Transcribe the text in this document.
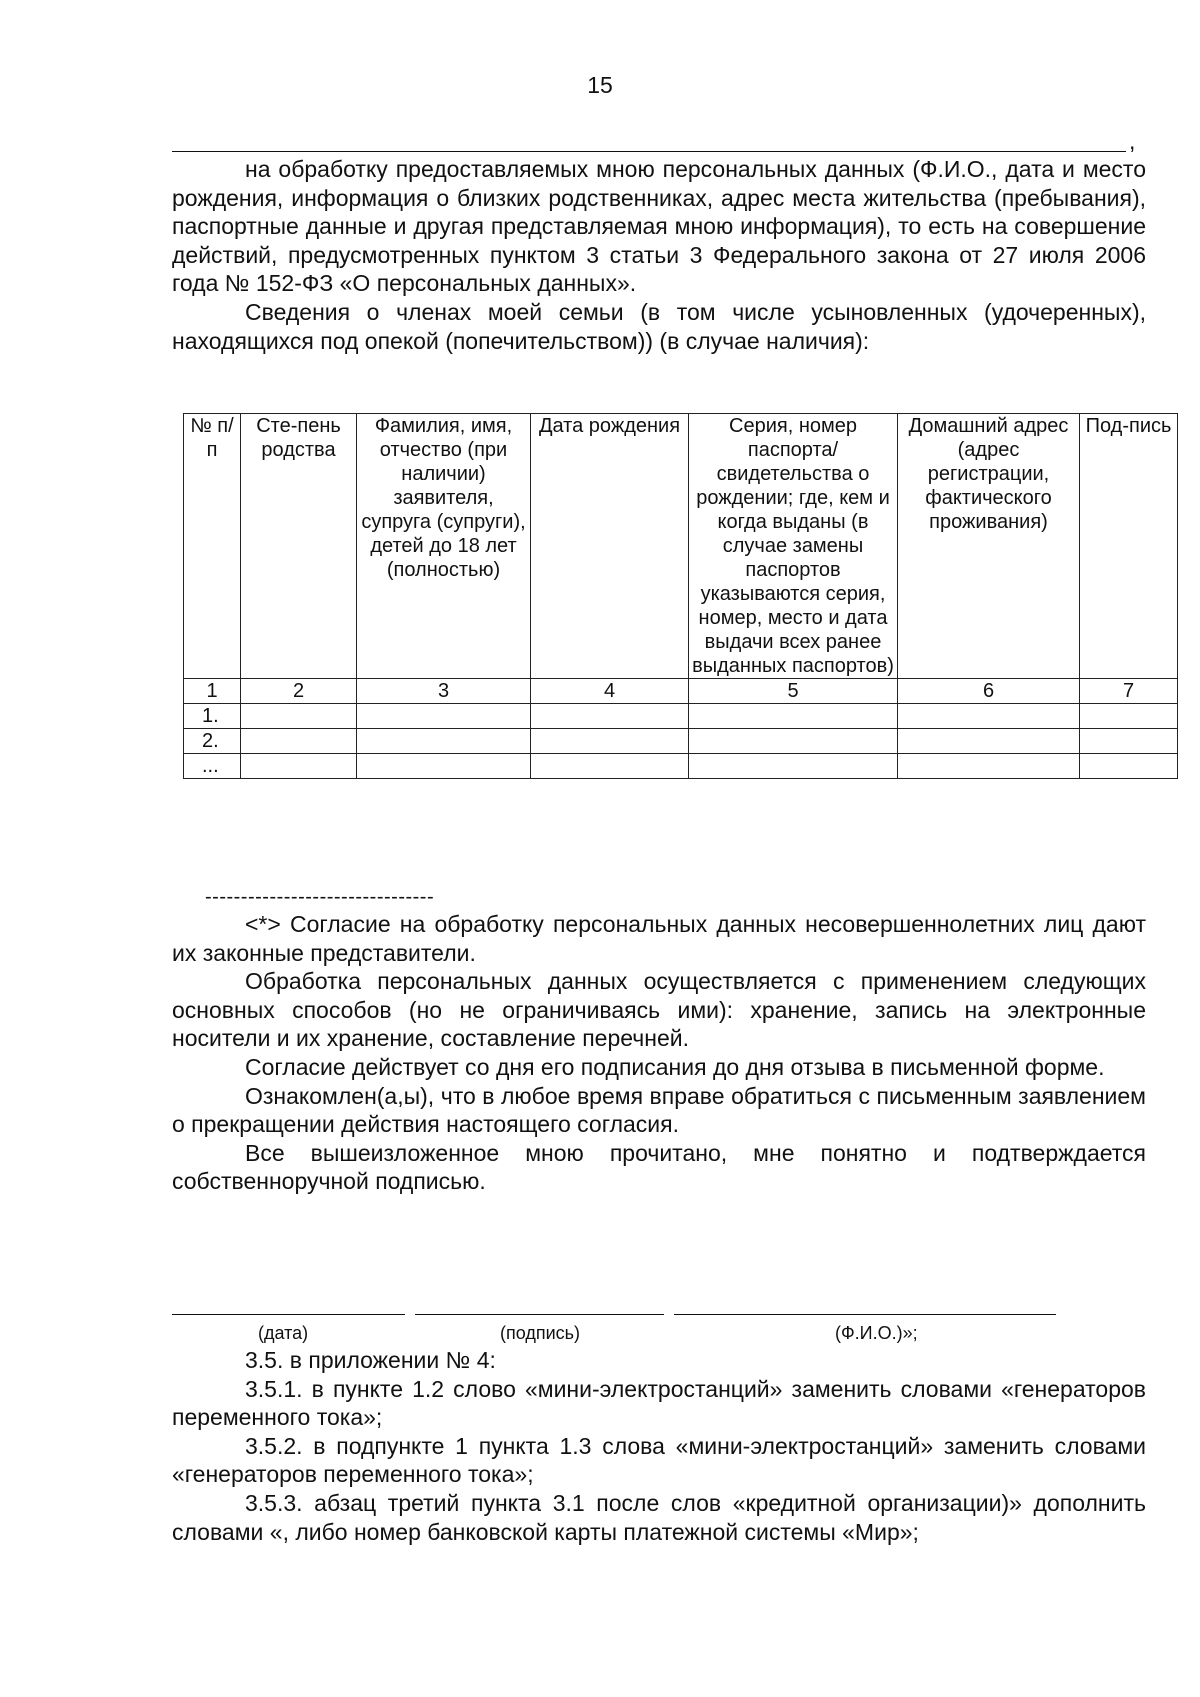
15
,

на обработку предоставляемых мною персональных данных (Ф.И.О., дата и место рождения, информация о близких родственниках, адрес места жительства (пребывания), паспортные данные и другая представляемая мною информация), то есть на совершение действий, предусмотренных пунктом 3 статьи 3 Федерального закона от 27 июля 2006 года № 152-ФЗ «О персональных данных».

Сведения о членах моей семьи (в том числе усыновленных (удочеренных), находящихся под опекой (попечительством)) (в случае наличия):

№ п/п	Сте-пень родства	Фамилия, имя, отчество (при наличии) заявителя, супруга (супруги), детей до 18 лет (полностью)	Дата рождения	Серия, номер паспорта/ свидетельства о рождении; где, кем и когда выданы (в случае замены паспортов указываются серия, номер, место и дата выдачи всех ранее выданных паспортов)	Домашний адрес (адрес регистрации, фактического проживания)	Под-пись
1	2	3	4	5	6	7
1.						
2.						
...						
--------------------------------

<*> Согласие на обработку персональных данных несовершеннолетних лиц дают их законные представители.

Обработка персональных данных осуществляется с применением следующих основных способов (но не ограничиваясь ими): хранение, запись на электронные носители и их хранение, составление перечней.

Согласие действует со дня его подписания до дня отзыва в письменной форме.

Ознакомлен(а,ы), что в любое время вправе обратиться с письменным заявлением о прекращении действия настоящего согласия.

Все вышеизложенное мною прочитано, мне понятно и подтверждается собственноручной подписью.

(дата)	(подпись)	(Ф.И.О.)»;

3.5. в приложении № 4:

3.5.1. в пункте 1.2 слово «мини-электростанций» заменить словами «генераторов переменного тока»;

3.5.2. в подпункте 1 пункта 1.3 слова «мини-электростанций» заменить словами «генераторов переменного тока»;

3.5.3. абзац третий пункта 3.1 после слов «кредитной организации)» дополнить словами «, либо номер банковской карты платежной системы «Мир»;
